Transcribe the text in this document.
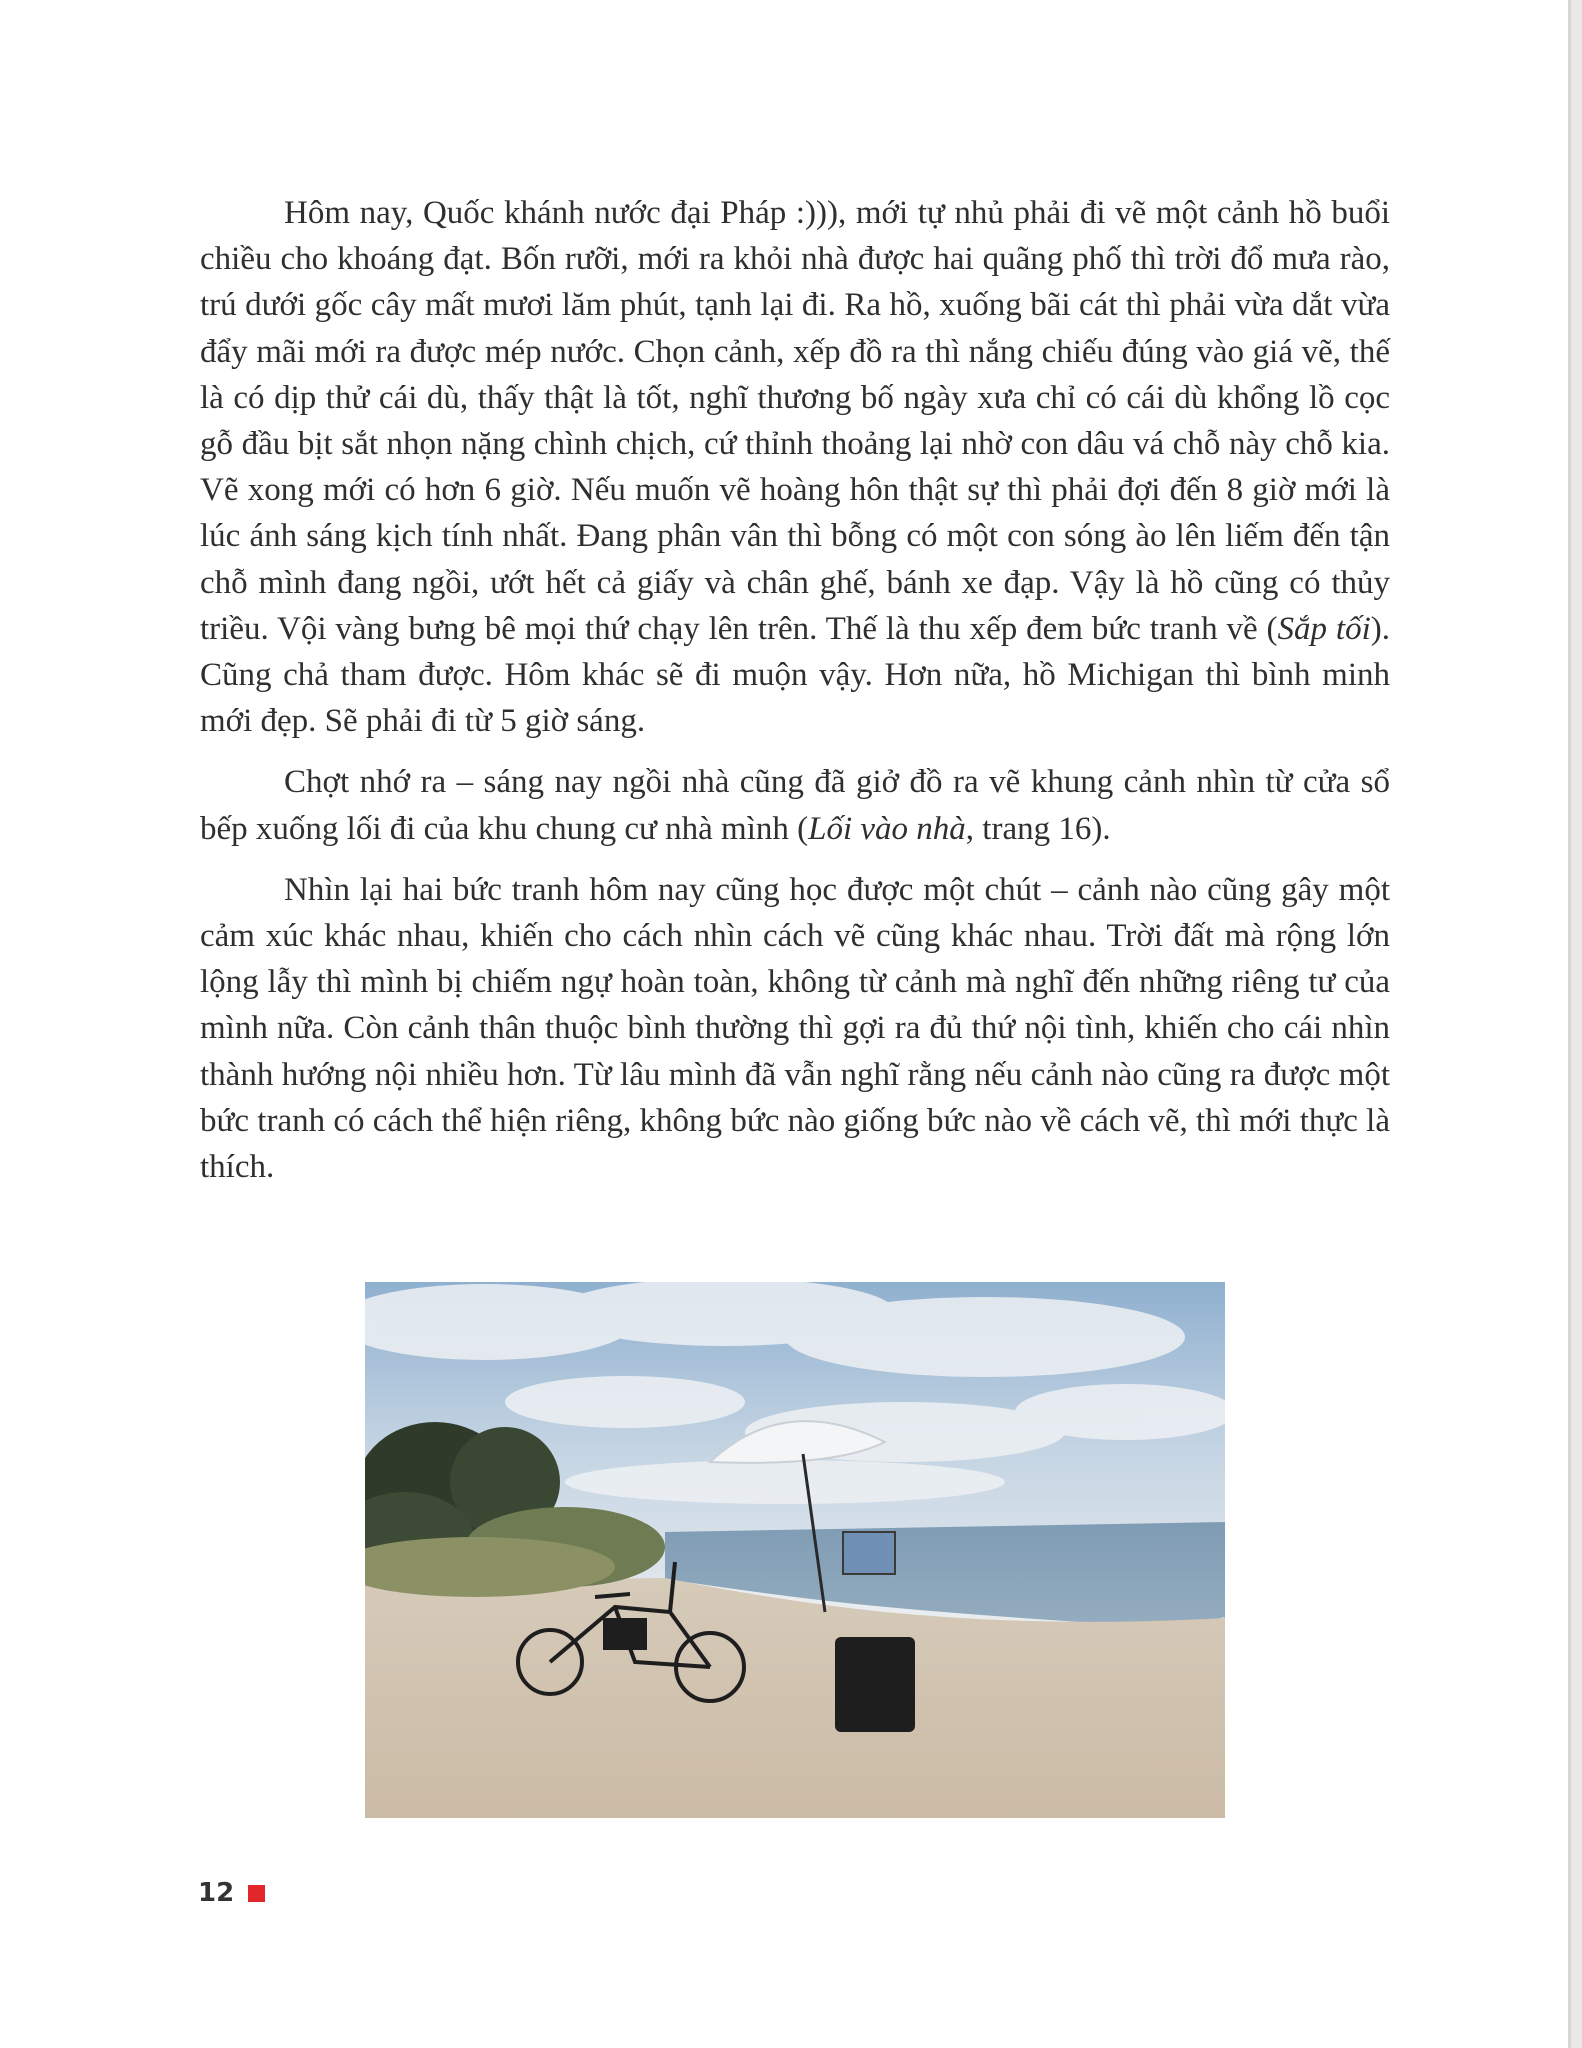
Hôm nay, Quốc khánh nước đại Pháp :))), mới tự nhủ phải đi vẽ một cảnh hồ buổi chiều cho khoáng đạt. Bốn rưỡi, mới ra khỏi nhà được hai quãng phố thì trời đổ mưa rào, trú dưới gốc cây mất mươi lăm phút, tạnh lại đi. Ra hồ, xuống bãi cát thì phải vừa dắt vừa đẩy mãi mới ra được mép nước. Chọn cảnh, xếp đồ ra thì nắng chiếu đúng vào giá vẽ, thế là có dịp thử cái dù, thấy thật là tốt, nghĩ thương bố ngày xưa chỉ có cái dù khổng lồ cọc gỗ đầu bịt sắt nhọn nặng chình chịch, cứ thỉnh thoảng lại nhờ con dâu vá chỗ này chỗ kia. Vẽ xong mới có hơn 6 giờ. Nếu muốn vẽ hoàng hôn thật sự thì phải đợi đến 8 giờ mới là lúc ánh sáng kịch tính nhất. Đang phân vân thì bỗng có một con sóng ào lên liếm đến tận chỗ mình đang ngồi, ướt hết cả giấy và chân ghế, bánh xe đạp. Vậy là hồ cũng có thủy triều. Vội vàng bưng bê mọi thứ chạy lên trên. Thế là thu xếp đem bức tranh về (Sắp tối). Cũng chả tham được. Hôm khác sẽ đi muộn vậy. Hơn nữa, hồ Michigan thì bình minh mới đẹp. Sẽ phải đi từ 5 giờ sáng.

Chợt nhớ ra – sáng nay ngồi nhà cũng đã giở đồ ra vẽ khung cảnh nhìn từ cửa sổ bếp xuống lối đi của khu chung cư nhà mình (Lối vào nhà, trang 16).

Nhìn lại hai bức tranh hôm nay cũng học được một chút – cảnh nào cũng gây một cảm xúc khác nhau, khiến cho cách nhìn cách vẽ cũng khác nhau. Trời đất mà rộng lớn lộng lẫy thì mình bị chiếm ngự hoàn toàn, không từ cảnh mà nghĩ đến những riêng tư của mình nữa. Còn cảnh thân thuộc bình thường thì gợi ra đủ thứ nội tình, khiến cho cái nhìn thành hướng nội nhiều hơn. Từ lâu mình đã vẫn nghĩ rằng nếu cảnh nào cũng ra được một bức tranh có cách thể hiện riêng, không bức nào giống bức nào về cách vẽ, thì mới thực là thích.

12
